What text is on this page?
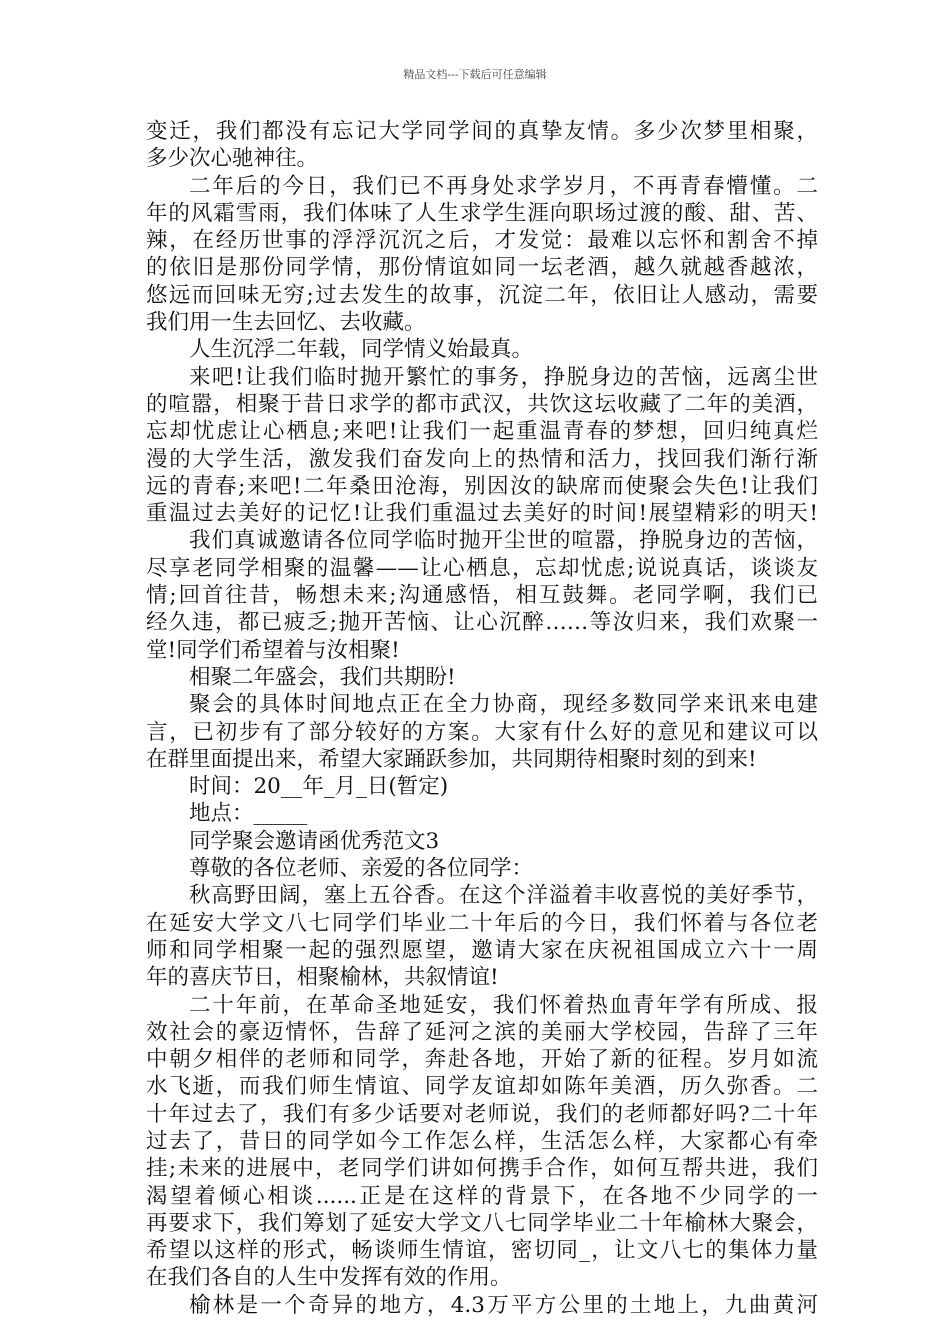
精品文档---下载后可任意编辑
变迁，我们都没有忘记大学同学间的真挚友情。多少次梦里相聚，
多少次心驰神往。
二年后的今日，我们已不再身处求学岁月，不再青春懵懂。二
年的风霜雪雨，我们体味了人生求学生涯向职场过渡的酸、甜、苦、
辣，在经历世事的浮浮沉沉之后，才发觉：最难以忘怀和割舍不掉
的依旧是那份同学情，那份情谊如同一坛老酒，越久就越香越浓，
悠远而回味无穷;过去发生的故事，沉淀二年，依旧让人感动，需要
我们用一生去回忆、去收藏。
人生沉浮二年载，同学情义始最真。
来吧!让我们临时抛开繁忙的事务，挣脱身边的苦恼，远离尘世
的喧嚣，相聚于昔日求学的都市武汉，共饮这坛收藏了二年的美酒，
忘却忧虑让心栖息;来吧!让我们一起重温青春的梦想，回归纯真烂
漫的大学生活，激发我们奋发向上的热情和活力，找回我们渐行渐
远的青春;来吧!二年桑田沧海，别因汝的缺席而使聚会失色!让我们
重温过去美好的记忆!让我们重温过去美好的时间!展望精彩的明天!
我们真诚邀请各位同学临时抛开尘世的喧嚣，挣脱身边的苦恼，
尽享老同学相聚的温馨——让心栖息，忘却忧虑;说说真话，谈谈友
情;回首往昔，畅想未来;沟通感悟，相互鼓舞。老同学啊，我们已
经久违，都已疲乏;抛开苦恼、让心沉醉……等汝归来，我们欢聚一
堂!同学们希望着与汝相聚!
相聚二年盛会，我们共期盼!
聚会的具体时间地点正在全力协商，现经多数同学来讯来电建
言，已初步有了部分较好的方案。大家有什么好的意见和建议可以
在群里面提出来，希望大家踊跃参加，共同期待相聚时刻的到来!
时间：20__年_月_日(暂定)
地点：_____
同学聚会邀请函优秀范文3
尊敬的各位老师、亲爱的各位同学：
秋高野田阔，塞上五谷香。在这个洋溢着丰收喜悦的美好季节，
在延安大学文八七同学们毕业二十年后的今日，我们怀着与各位老
师和同学相聚一起的强烈愿望，邀请大家在庆祝祖国成立六十一周
年的喜庆节日，相聚榆林，共叙情谊!
二十年前，在革命圣地延安，我们怀着热血青年学有所成、报
效社会的豪迈情怀，告辞了延河之滨的美丽大学校园，告辞了三年
中朝夕相伴的老师和同学，奔赴各地，开始了新的征程。岁月如流
水飞逝，而我们师生情谊、同学友谊却如陈年美酒，历久弥香。二
十年过去了，我们有多少话要对老师说，我们的老师都好吗?二十年
过去了，昔日的同学如今工作怎么样，生活怎么样，大家都心有牵
挂;未来的进展中，老同学们讲如何携手合作，如何互帮共进，我们
渴望着倾心相谈......正是在这样的背景下，在各地不少同学的一
再要求下，我们筹划了延安大学文八七同学毕业二十年榆林大聚会，
希望以这样的形式，畅谈师生情谊，密切同_，让文八七的集体力量
在我们各自的人生中发挥有效的作用。
榆林是一个奇异的地方，4.3万平方公里的土地上，九曲黄河
